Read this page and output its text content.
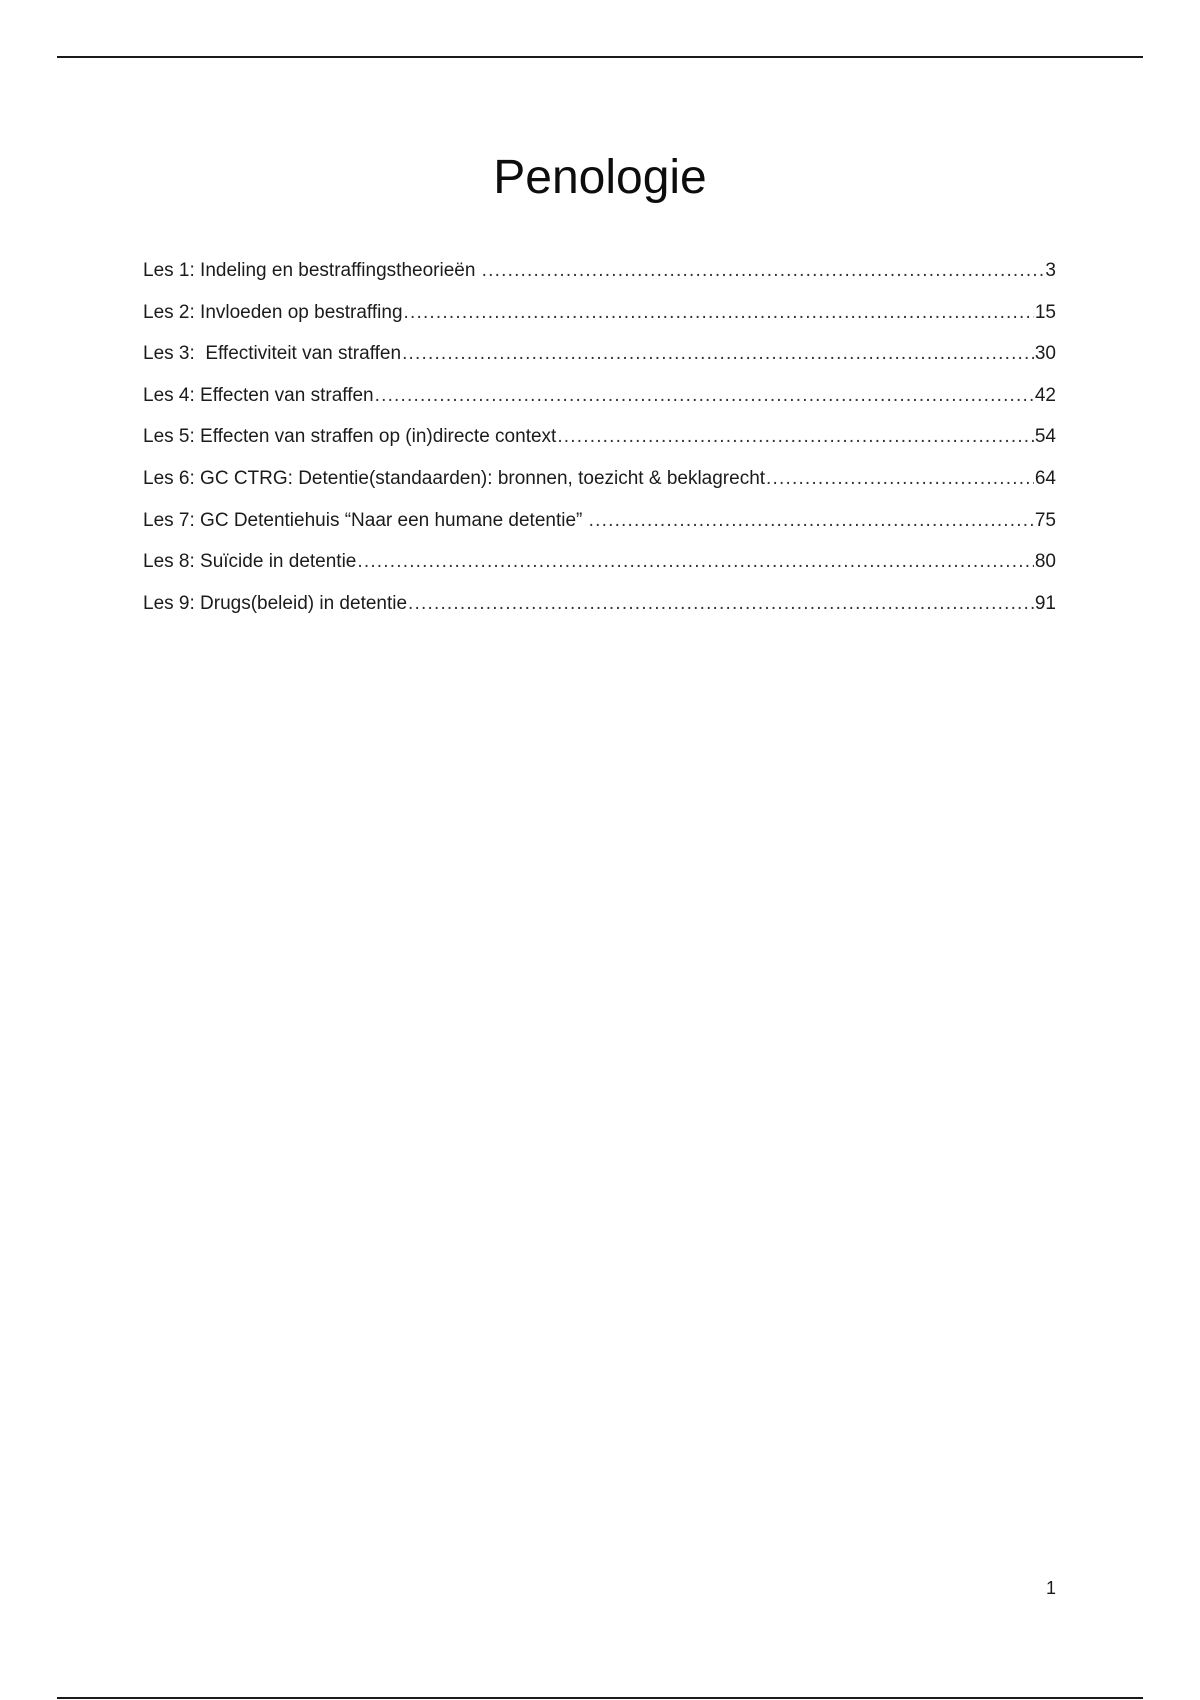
Penologie
Les 1: Indeling en bestraffingstheorieën .....	3
Les 2: Invloeden op bestraffing .....	15
Les 3:  Effectiviteit van straffen .....	30
Les 4: Effecten van straffen .....	42
Les 5: Effecten van straffen op (in)directe context .....	54
Les 6: GC CTRG: Detentie(standaarden): bronnen, toezicht & beklagrecht .....	64
Les 7: GC Detentiehuis “Naar een humane detentie” .....	75
Les 8: Suïcide in detentie .....	80
Les 9: Drugs(beleid) in detentie .....	91
1
